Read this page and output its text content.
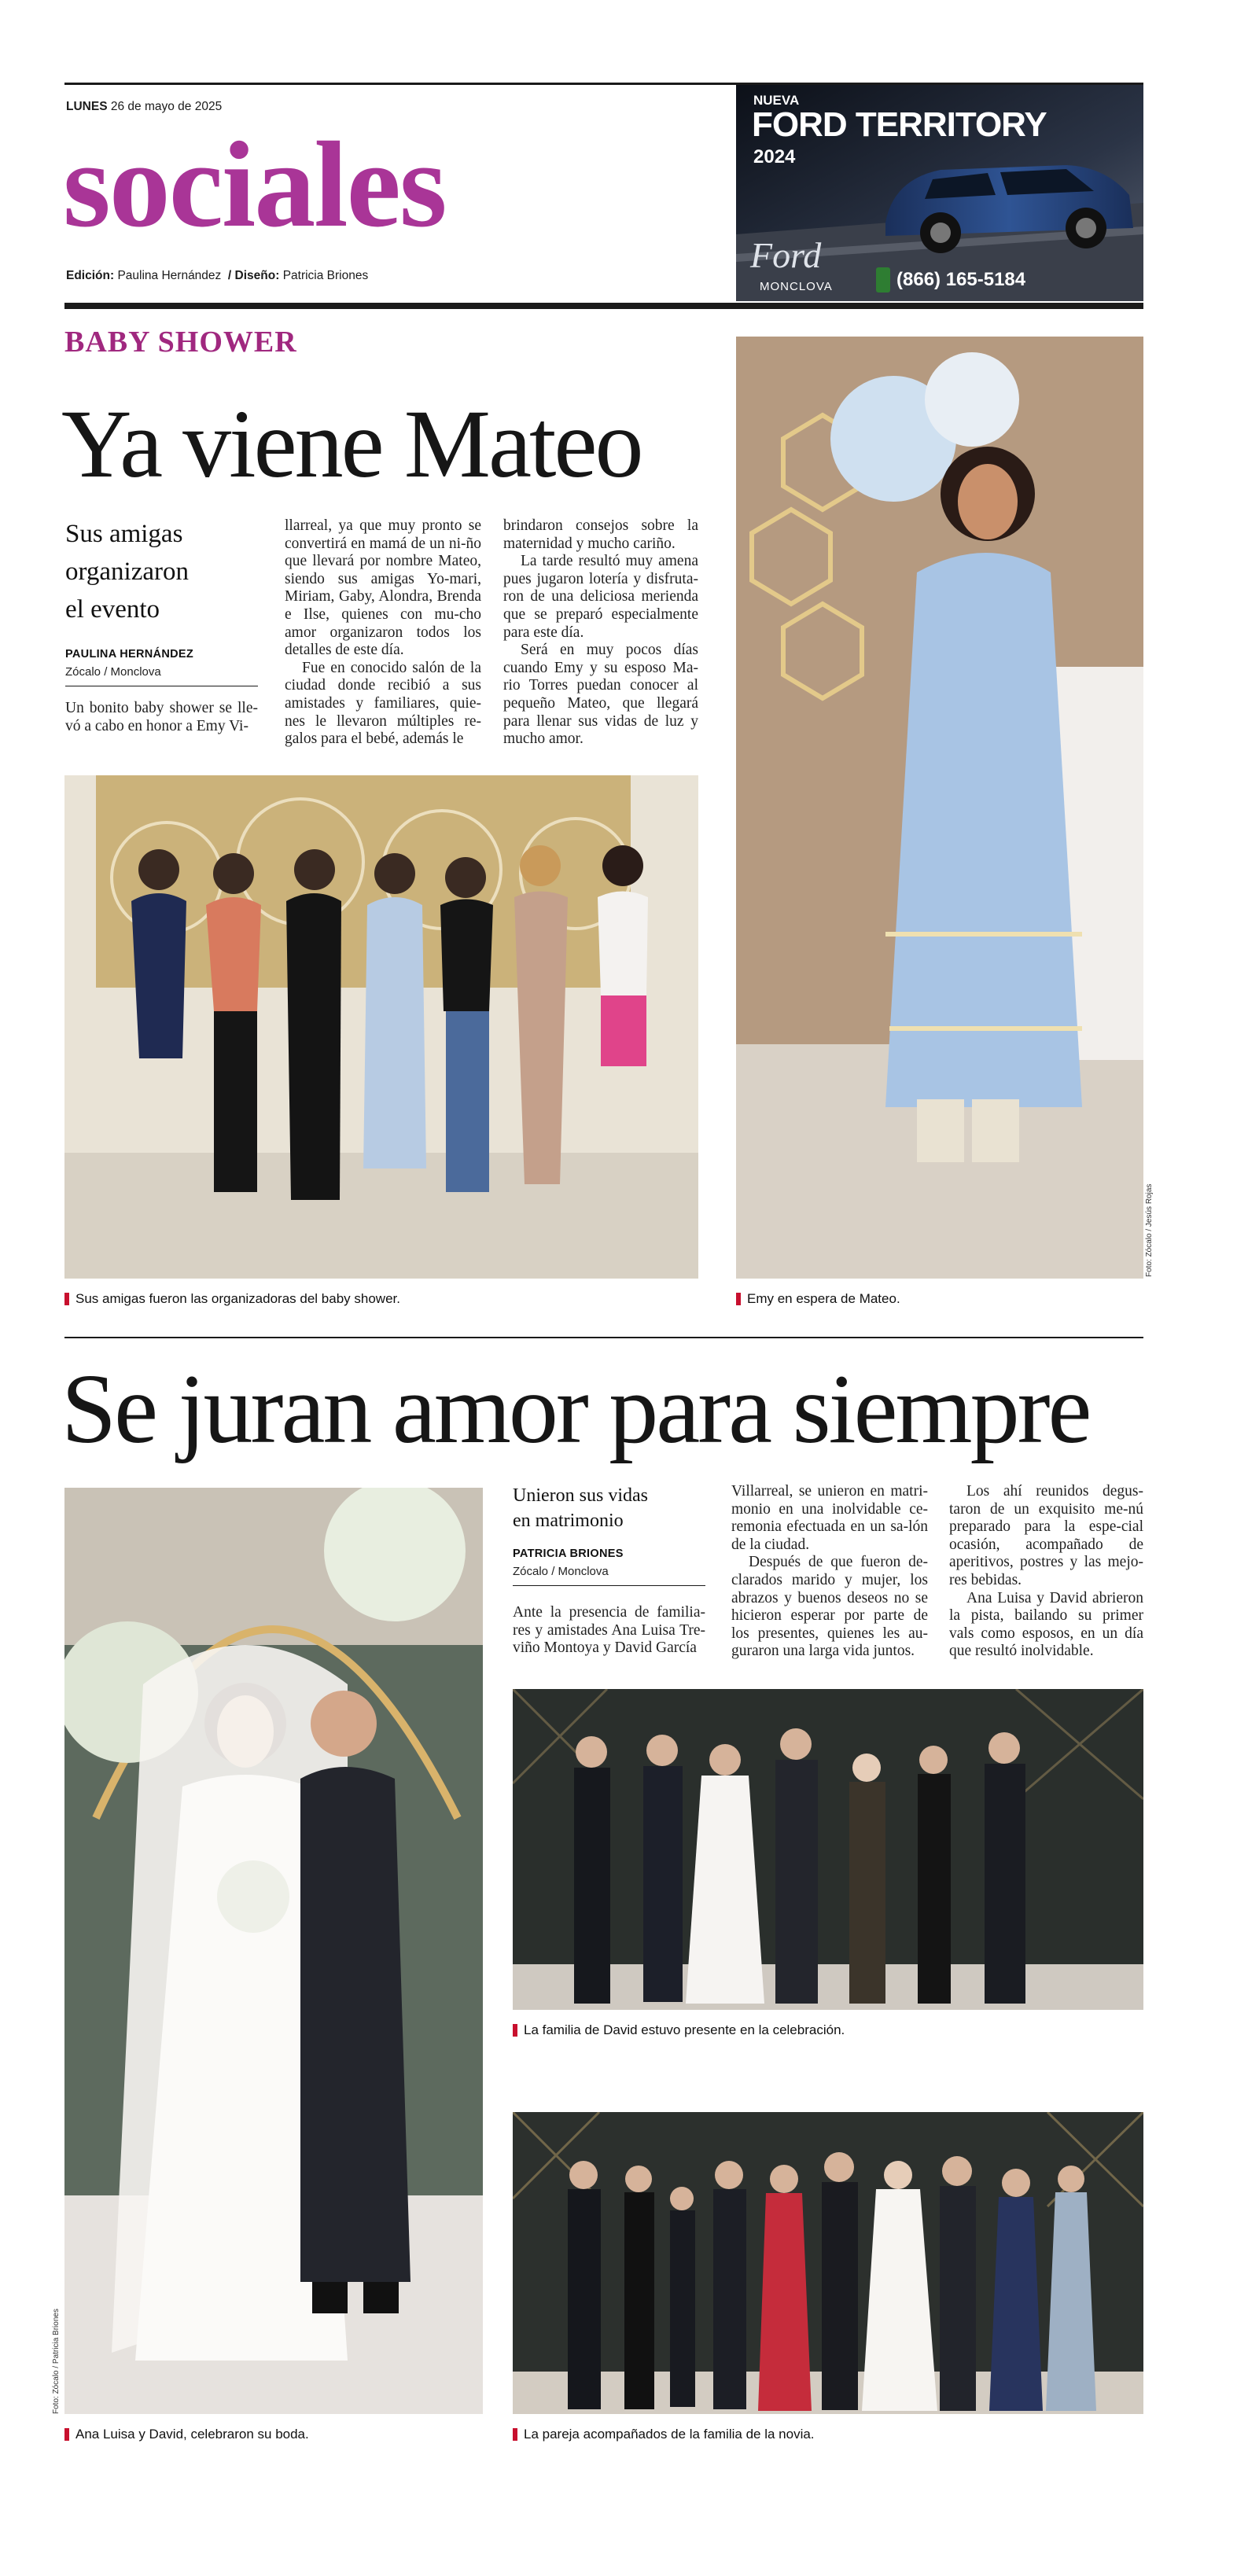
LUNES 26 de mayo de 2025
sociales
Edición: Paulina Hernández / Diseño: Patricia Briones
NUEVA
FORD TERRITORY
2024
Ford
MONCLOVA	(866) 165-5184
BABY SHOWER
Ya viene Mateo
Sus amigas
organizaron
el evento
PAULINA HERNÁNDEZ
Zócalo / Monclova

Un bonito baby shower se lle-vó a cabo en honor a Emy Vi-

llarreal, ya que muy pronto se convertirá en mamá de un ni-ño que llevará por nombre Mateo, siendo sus amigas Yo-mari, Miriam, Gaby, Alondra, Brenda e Ilse, quienes con mu-cho amor organizaron todos los detalles de este día.

Fue en conocido salón de la ciudad donde recibió a sus amistades y familiares, quie-nes le llevaron múltiples re-galos para el bebé, además le

brindaron consejos sobre la maternidad y mucho cariño.

La tarde resultó muy amena pues jugaron lotería y disfruta-ron de una deliciosa merienda que se preparó especialmente para este día.

Será en muy pocos días cuando Emy y su esposo Ma-rio Torres puedan conocer al pequeño Mateo, que llegará para llenar sus vidas de luz y mucho amor.

Sus amigas fueron las organizadoras del baby shower.	Emy en espera de Mateo.
Foto: Zócalo / Jesús Rojas
Se juran amor para siempre
Foto: Zócalo / Patricia Briones
Unieron sus vidas
en matrimonio
PATRICIA BRIONES
Zócalo / Monclova

Ante la presencia de familia-res y amistades Ana Luisa Tre-viño Montoya y David García

Villarreal, se unieron en matri-monio en una inolvidable ce-remonia efectuada en un sa-lón de la ciudad.

Después de que fueron de-clarados marido y mujer, los abrazos y buenos deseos no se hicieron esperar por parte de los presentes, quienes les au-guraron una larga vida juntos.

Los ahí reunidos degus-taron de un exquisito me-nú preparado para la espe-cial ocasión, acompañado de aperitivos, postres y las mejo-res bebidas.

Ana Luisa y David abrieron la pista, bailando su primer vals como esposos, en un día que resultó inolvidable.

La familia de David estuvo presente en la celebración.
Ana Luisa y David, celebraron su boda.	La pareja acompañados de la familia de la novia.
